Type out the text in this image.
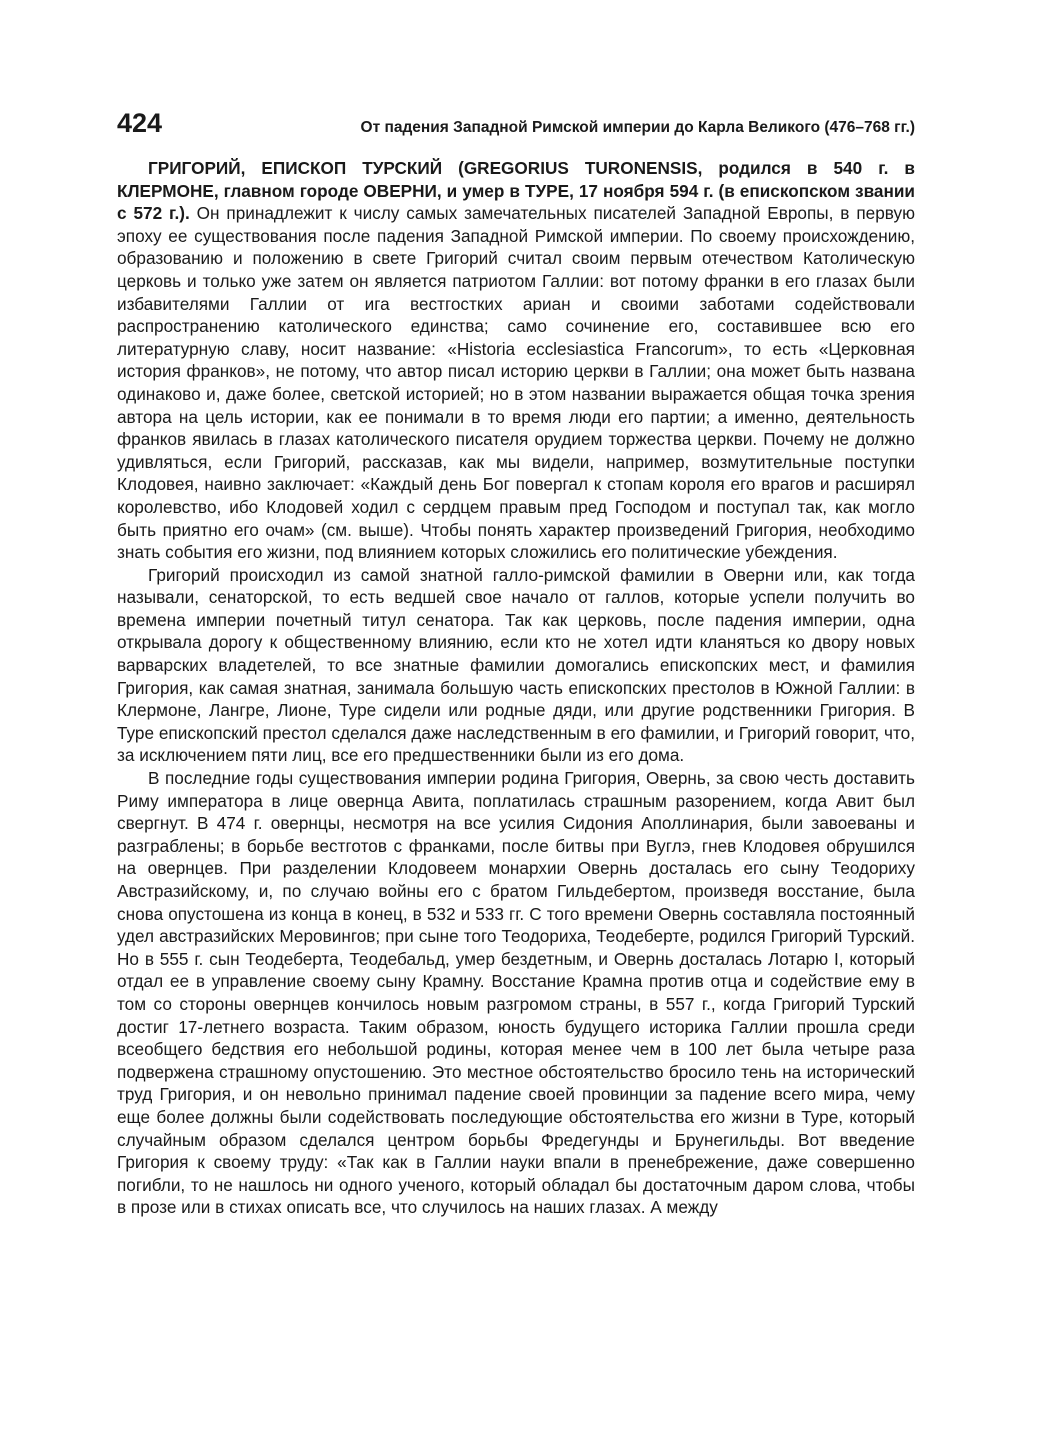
424	От падения Западной Римской империи до Карла Великого (476–768 гг.)

ГРИГОРИЙ, ЕПИСКОП ТУРСКИЙ (GREGORIUS TURONENSIS, родился в 540 г. в КЛЕРМОНЕ, главном городе ОВЕРНИ, и умер в ТУРЕ, 17 ноября 594 г. (в епископском звании с 572 г.). Он принадлежит к числу самых замечательных писателей Западной Европы, в первую эпоху ее существования после падения Западной Римской империи. По своему происхождению, образованию и положению в свете Григорий считал своим первым отечеством Католическую церковь и только уже затем он является патриотом Галлии: вот потому франки в его глазах были избавителями Галлии от ига вестгостких ариан и своими заботами содействовали распространению католического единства; само сочинение его, составившее всю его литературную славу, носит название: «Historia ecclesiastica Francorum», то есть «Церковная история франков», не потому, что автор писал историю церкви в Галлии; она может быть названа одинаково и, даже более, светской историей; но в этом названии выражается общая точка зрения автора на цель истории, как ее понимали в то время люди его партии; а именно, деятельность франков явилась в глазах католического писателя орудием торжества церкви. Почему не должно удивляться, если Григорий, рассказав, как мы видели, например, возмутительные поступки Клодовея, наивно заключает: «Каждый день Бог повергал к стопам короля его врагов и расширял королевство, ибо Клодовей ходил с сердцем правым пред Господом и поступал так, как могло быть приятно его очам» (см. выше). Чтобы понять характер произведений Григория, необходимо знать события его жизни, под влиянием которых сложились его политические убеждения.

Григорий происходил из самой знатной галло-римской фамилии в Оверни или, как тогда называли, сенаторской, то есть ведшей свое начало от галлов, которые успели получить во времена империи почетный титул сенатора. Так как церковь, после падения империи, одна открывала дорогу к общественному влиянию, если кто не хотел идти кланяться ко двору новых варварских владетелей, то все знатные фамилии домогались епископских мест, и фамилия Григория, как самая знатная, занимала большую часть епископских престолов в Южной Галлии: в Клермоне, Лангре, Лионе, Туре сидели или родные дяди, или другие родственники Григория. В Туре епископский престол сделался даже наследственным в его фамилии, и Григорий говорит, что, за исключением пяти лиц, все его предшественники были из его дома.

В последние годы существования империи родина Григория, Овернь, за свою честь доставить Риму императора в лице овернца Авита, поплатилась страшным разорением, когда Авит был свергнут. В 474 г. овернцы, несмотря на все усилия Сидония Аполлинария, были завоеваны и разграблены; в борьбе вестготов с франками, после битвы при Вуглэ, гнев Клодовея обрушился на овернцев. При разделении Клодовеем монархии Овернь досталась его сыну Теодориху Австразийскому, и, по случаю войны его с братом Гильдебертом, произведя восстание, была снова опустошена из конца в конец, в 532 и 533 гг. С того времени Овернь составляла постоянный удел австразийских Меровингов; при сыне того Теодориха, Теодеберте, родился Григорий Турский. Но в 555 г. сын Теодеберта, Теодебальд, умер бездетным, и Овернь досталась Лотарю I, который отдал ее в управление своему сыну Крамну. Восстание Крамна против отца и содействие ему в том со стороны овернцев кончилось новым разгромом страны, в 557 г., когда Григорий Турский достиг 17-летнего возраста. Таким образом, юность будущего историка Галлии прошла среди всеобщего бедствия его небольшой родины, которая менее чем в 100 лет была четыре раза подвержена страшному опустошению. Это местное обстоятельство бросило тень на исторический труд Григория, и он невольно принимал падение своей провинции за падение всего мира, чему еще более должны были содействовать последующие обстоятельства его жизни в Туре, который случайным образом сделался центром борьбы Фредегунды и Брунегильды. Вот введение Григория к своему труду: «Так как в Галлии науки впали в пренебрежение, даже совершенно погибли, то не нашлось ни одного ученого, который обладал бы достаточным даром слова, чтобы в прозе или в стихах описать все, что случилось на наших глазах. А между
